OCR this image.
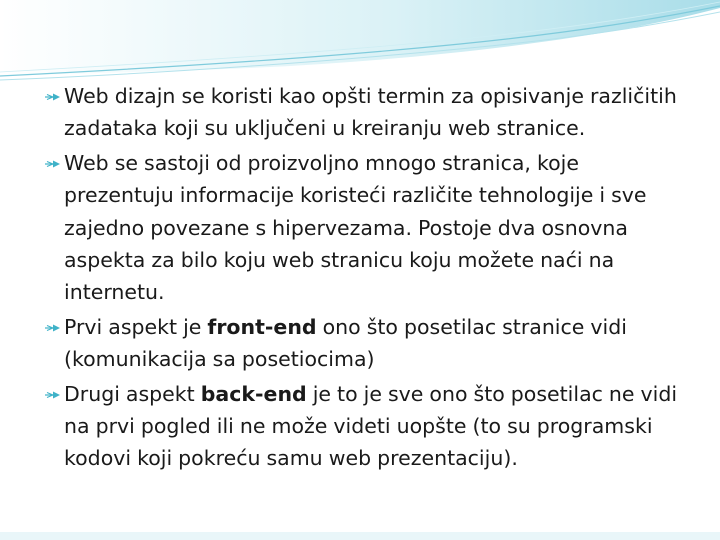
Web dizajn se koristi kao opšti termin za opisivanje različitih zadataka koji su uključeni u kreiranju web stranice.

Web se sastoji od proizvoljno mnogo stranica, koje prezentuju informacije koristeći različite tehnologije i sve zajedno povezane s hipervezama. Postoje dva osnovna aspekta za bilo koju web stranicu koju možete naći na internetu.

Prvi aspekt je front-end ono što posetilac stranice vidi (komunikacija sa posetiocima)

Drugi aspekt back-end je to je sve ono što posetilac ne vidi na prvi pogled ili ne može videti uopšte (to su programski kodovi koji pokreću samu web prezentaciju).
